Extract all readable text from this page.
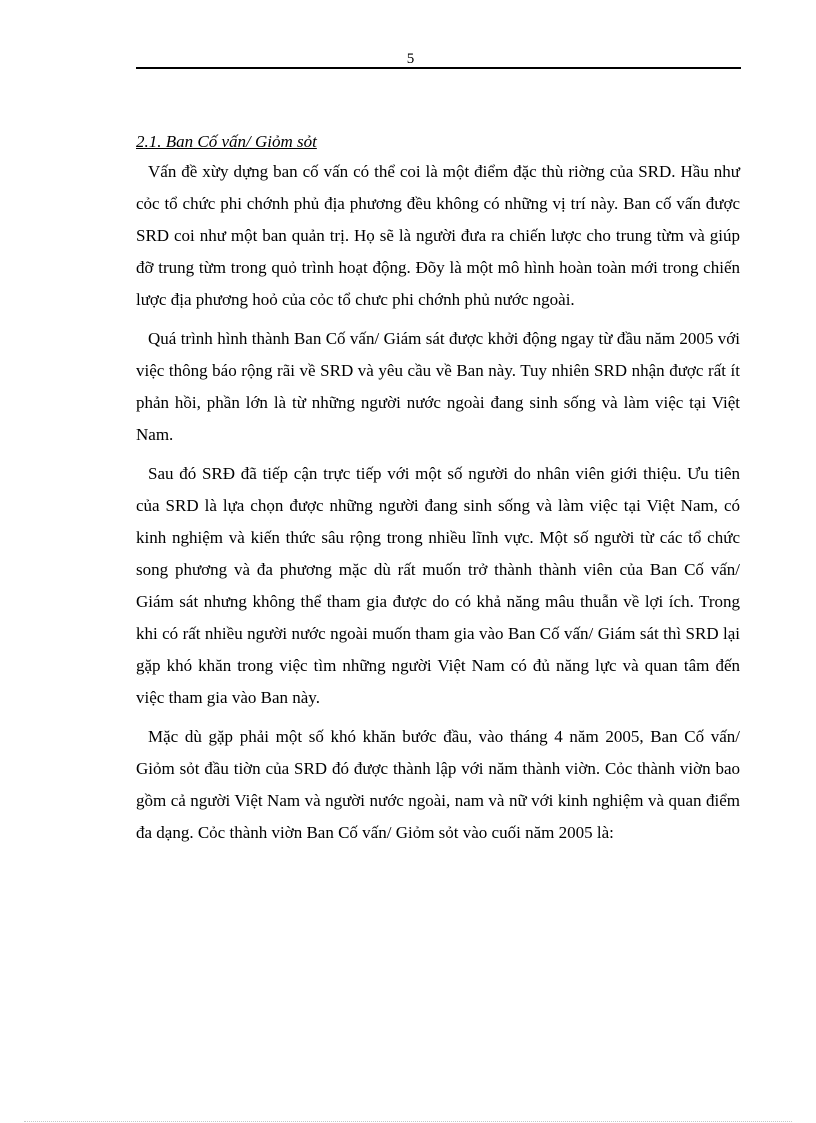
5
2.1. Ban Cố vấn/ Giỏm sỏt

Vấn đề xừy dựng ban cố vấn có thể coi là một điểm đặc thù riờng của SRD. Hầu như cỏc tổ chức phi chớnh phủ địa phương đều không có những vị trí này. Ban cố vấn được SRD coi như một ban quản trị. Họ sẽ là người đưa ra chiến lược cho trung từm và giúp đỡ trung từm trong quỏ trình hoạt động. Đõy là một mô hình hoàn toàn mới trong chiến lược địa phương hoỏ của cỏc tổ chưc phi chớnh phủ nước ngoài.

Quá trình hình thành Ban Cố vấn/ Giám sát được khởi động ngay từ đầu năm 2005 với việc thông báo rộng rãi về SRD và yêu cầu về Ban này. Tuy nhiên SRD nhận được rất ít phản hồi, phần lớn là từ những người nước ngoài đang sinh sống và làm việc tại Việt Nam.

Sau đó SRĐ đã tiếp cận trực tiếp với một số người do nhân viên giới thiệu. Ưu tiên của SRD là lựa chọn được những người đang sinh sống và làm việc tại Việt Nam, có kinh nghiệm và kiến thức sâu rộng trong nhiều lĩnh vực. Một số người từ các tổ chức song phương và đa phương mặc dù rất muốn trở thành thành viên của Ban Cố vấn/ Giám sát nhưng không thể tham gia được do có khả năng mâu thuẫn về lợi ích. Trong khi có rất nhiều người nước ngoài muốn tham gia vào Ban Cố vấn/ Giám sát thì SRD lại gặp khó khăn trong việc tìm những người Việt Nam có đủ năng lực và quan tâm đến việc tham gia vào Ban này.

Mặc dù gặp phải một số khó khăn bước đầu, vào tháng 4 năm 2005, Ban Cố vấn/ Giỏm sỏt đầu tiờn của SRD đó được thành lập với năm thành viờn. Cỏc thành viờn bao gồm cả người Việt Nam và người nước ngoài, nam và nữ với kinh nghiệm và quan điểm đa dạng. Cỏc thành viờn Ban Cố vấn/ Giỏm sỏt vào cuối năm 2005 là:
